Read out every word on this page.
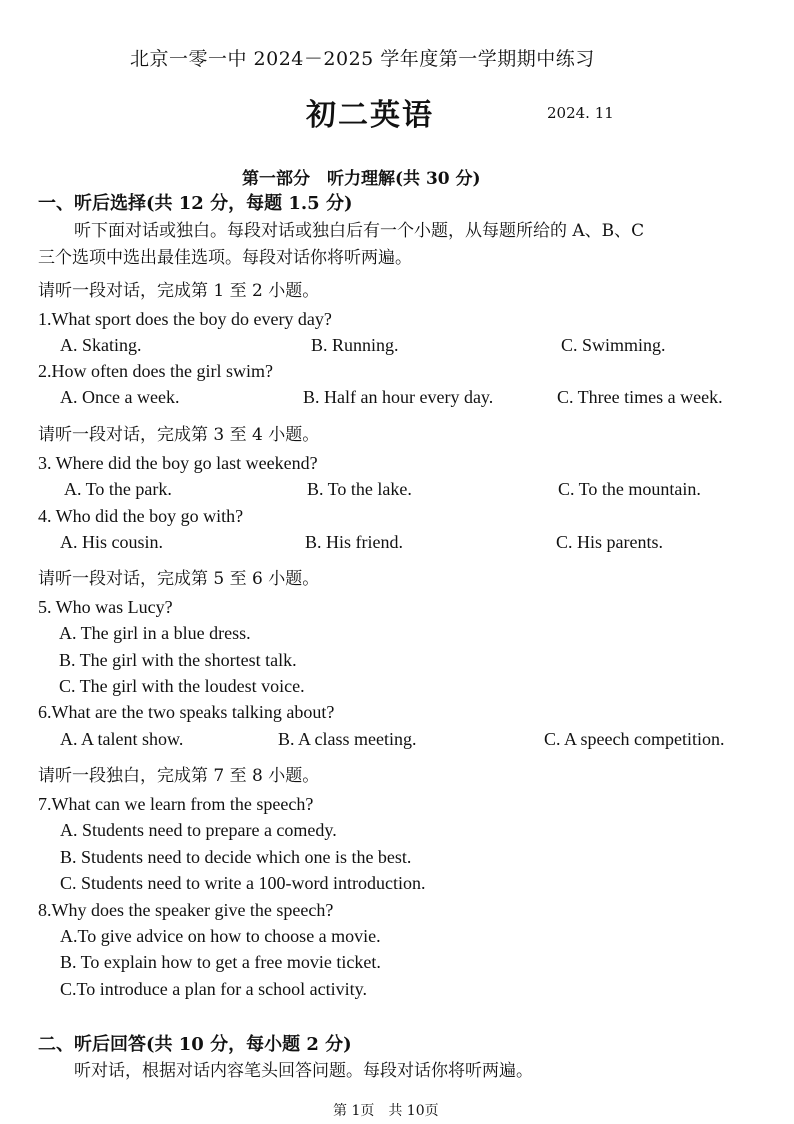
北京一零一中 2024－2025 学年度第一学期期中练习
初二英语	2024. 11
第一部分　听力理解(共 30 分)
一、听后选择(共 12 分，每题 1.5 分)
听下面对话或独白。每段对话或独白后有一个小题，从每题所给的 A、B、C
三个选项中选出最佳选项。每段对话你将听两遍。
请听一段对话，完成第 1 至 2 小题。
1.What sport does the boy do every day?
A. Skating.	B. Running.	C. Swimming.
2.How often does the girl swim?
A. Once a week.	B. Half an hour every day.	C. Three times a week.
请听一段对话，完成第 3 至 4 小题。
3. Where did the boy go last weekend?
A. To the park.	B. To the lake.	C. To the mountain.
4. Who did the boy go with?
A. His cousin.	B. His friend.	C. His parents.
请听一段对话，完成第 5 至 6 小题。
5. Who was Lucy?
A. The girl in a blue dress.
B. The girl with the shortest talk.
C. The girl with the loudest voice.
6.What are the two speaks talking about?
A. A talent show.	B. A class meeting.	C. A speech competition.
请听一段独白，完成第 7 至 8 小题。
7.What can we learn from the speech?
A. Students need to prepare a comedy.
B. Students need to decide which one is the best.
C. Students need to write a 100-word introduction.
8.Why does the speaker give the speech?
A.To give advice on how to choose a movie.
B. To explain how to get a free movie ticket.
C.To introduce a plan for a school activity.
二、听后回答(共 10 分，每小题 2 分)
听对话，根据对话内容笔头回答问题。每段对话你将听两遍。
第 1页　共 10页
